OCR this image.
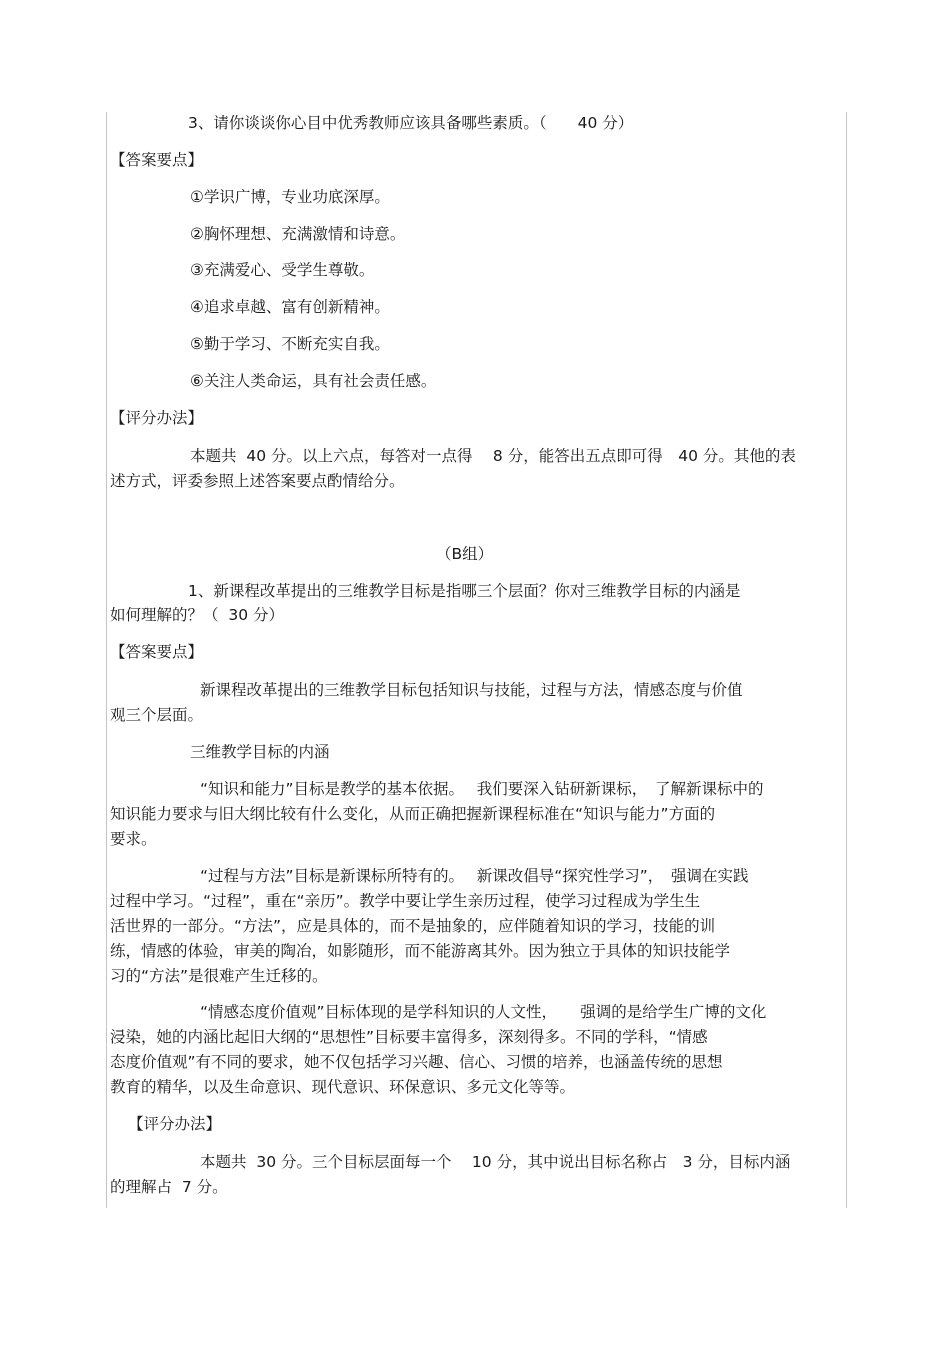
3、请你谈谈你心目中优秀教师应该具备哪些素质。（　　40 分）
【答案要点】
①学识广博，专业功底深厚。
②胸怀理想、充满激情和诗意。
③充满爱心、受学生尊敬。
④追求卓越、富有创新精神。
⑤勤于学习、不断充实自我。
⑥关注人类命运，具有社会责任感。
【评分办法】
本题共  40 分。以上六点，每答对一点得　 8 分，能答出五点即可得　40 分。其他的表
述方式，评委参照上述答案要点酌情给分。
（B组）
1、新课程改革提出的三维教学目标是指哪三个层面？你对三维教学目标的内涵是
如何理解的？（  30 分）
【答案要点】
新课程改革提出的三维教学目标包括知识与技能，过程与方法，情感态度与价值
观三个层面。
三维教学目标的内涵
“知识和能力”目标是教学的基本依据。　 我们要深入钻研新课标，　了解新课标中的
知识能力要求与旧大纲比较有什么变化，从而正确把握新课程标准在“知识与能力”方面的
要求。
“过程与方法”目标是新课标所特有的。　 新课改倡导“探究性学习”，　强调在实践
过程中学习。“过程”，重在“亲历”。教学中要让学生亲历过程，使学习过程成为学生生
活世界的一部分。“方法”，应是具体的，而不是抽象的，应伴随着知识的学习，技能的训
练，情感的体验，审美的陶冶，如影随形，而不能游离其外。因为独立于具体的知识技能学
习的“方法”是很难产生迁移的。
“情感态度价值观”目标体现的是学科知识的人文性，　　强调的是给学生广博的文化
浸染，她的内涵比起旧大纲的“思想性”目标要丰富得多，深刻得多。不同的学科，“情感
态度价值观”有不同的要求，她不仅包括学习兴趣、信心、习惯的培养，也涵盖传统的思想
教育的精华，以及生命意识、现代意识、环保意识、多元文化等等。
【评分办法】
本题共  30 分。三个目标层面每一个　 10 分，其中说出目标名称占　3 分，目标内涵
的理解占  7 分。
